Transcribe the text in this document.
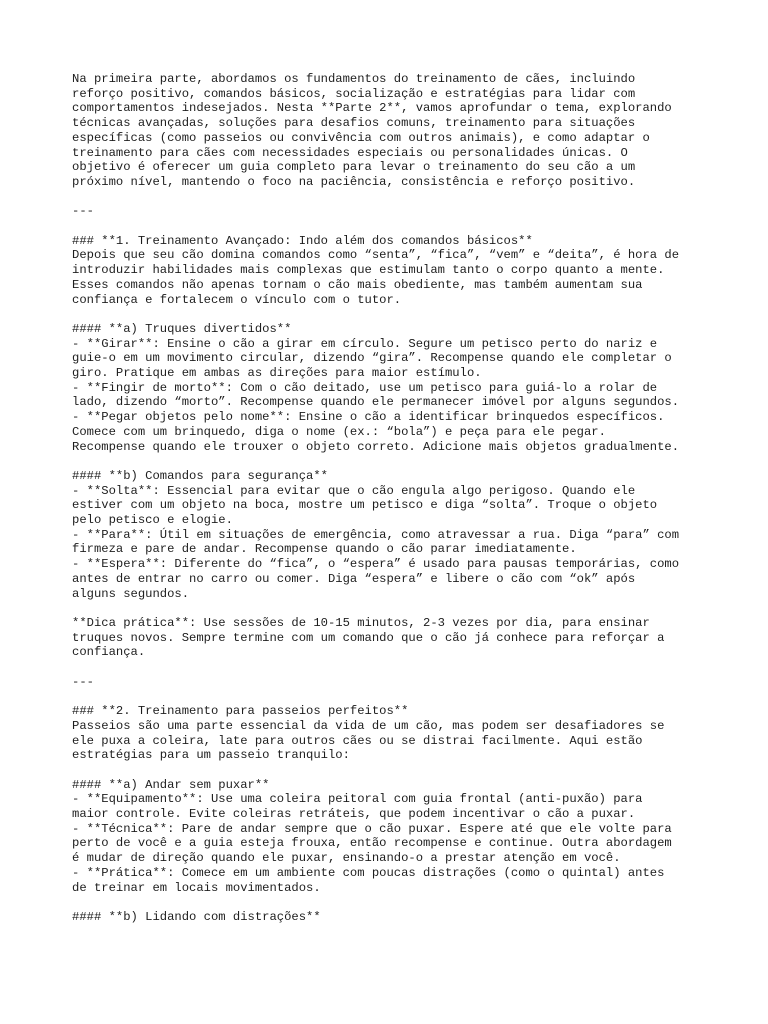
Na primeira parte, abordamos os fundamentos do treinamento de cães, incluindo
reforço positivo, comandos básicos, socialização e estratégias para lidar com
comportamentos indesejados. Nesta **Parte 2**, vamos aprofundar o tema, explorando
técnicas avançadas, soluções para desafios comuns, treinamento para situações
específicas (como passeios ou convivência com outros animais), e como adaptar o
treinamento para cães com necessidades especiais ou personalidades únicas. O
objetivo é oferecer um guia completo para levar o treinamento do seu cão a um
próximo nível, mantendo o foco na paciência, consistência e reforço positivo.
---
### **1. Treinamento Avançado: Indo além dos comandos básicos**
Depois que seu cão domina comandos como “senta”, “fica”, “vem” e “deita”, é hora de
introduzir habilidades mais complexas que estimulam tanto o corpo quanto a mente.
Esses comandos não apenas tornam o cão mais obediente, mas também aumentam sua
confiança e fortalecem o vínculo com o tutor.
#### **a) Truques divertidos**
- **Girar**: Ensine o cão a girar em círculo. Segure um petisco perto do nariz e
guie-o em um movimento circular, dizendo “gira”. Recompense quando ele completar o
giro. Pratique em ambas as direções para maior estímulo.
- **Fingir de morto**: Com o cão deitado, use um petisco para guiá-lo a rolar de
lado, dizendo “morto”. Recompense quando ele permanecer imóvel por alguns segundos.
- **Pegar objetos pelo nome**: Ensine o cão a identificar brinquedos específicos.
Comece com um brinquedo, diga o nome (ex.: “bola”) e peça para ele pegar.
Recompense quando ele trouxer o objeto correto. Adicione mais objetos gradualmente.
#### **b) Comandos para segurança**
- **Solta**: Essencial para evitar que o cão engula algo perigoso. Quando ele
estiver com um objeto na boca, mostre um petisco e diga “solta”. Troque o objeto
pelo petisco e elogie.
- **Para**: Útil em situações de emergência, como atravessar a rua. Diga “para” com
firmeza e pare de andar. Recompense quando o cão parar imediatamente.
- **Espera**: Diferente do “fica”, o “espera” é usado para pausas temporárias, como
antes de entrar no carro ou comer. Diga “espera” e libere o cão com “ok” após
alguns segundos.
**Dica prática**: Use sessões de 10-15 minutos, 2-3 vezes por dia, para ensinar
truques novos. Sempre termine com um comando que o cão já conhece para reforçar a
confiança.
---
### **2. Treinamento para passeios perfeitos**
Passeios são uma parte essencial da vida de um cão, mas podem ser desafiadores se
ele puxa a coleira, late para outros cães ou se distrai facilmente. Aqui estão
estratégias para um passeio tranquilo:
#### **a) Andar sem puxar**
- **Equipamento**: Use uma coleira peitoral com guia frontal (anti-puxão) para
maior controle. Evite coleiras retráteis, que podem incentivar o cão a puxar.
- **Técnica**: Pare de andar sempre que o cão puxar. Espere até que ele volte para
perto de você e a guia esteja frouxa, então recompense e continue. Outra abordagem
é mudar de direção quando ele puxar, ensinando-o a prestar atenção em você.
- **Prática**: Comece em um ambiente com poucas distrações (como o quintal) antes
de treinar em locais movimentados.
#### **b) Lidando com distrações**
